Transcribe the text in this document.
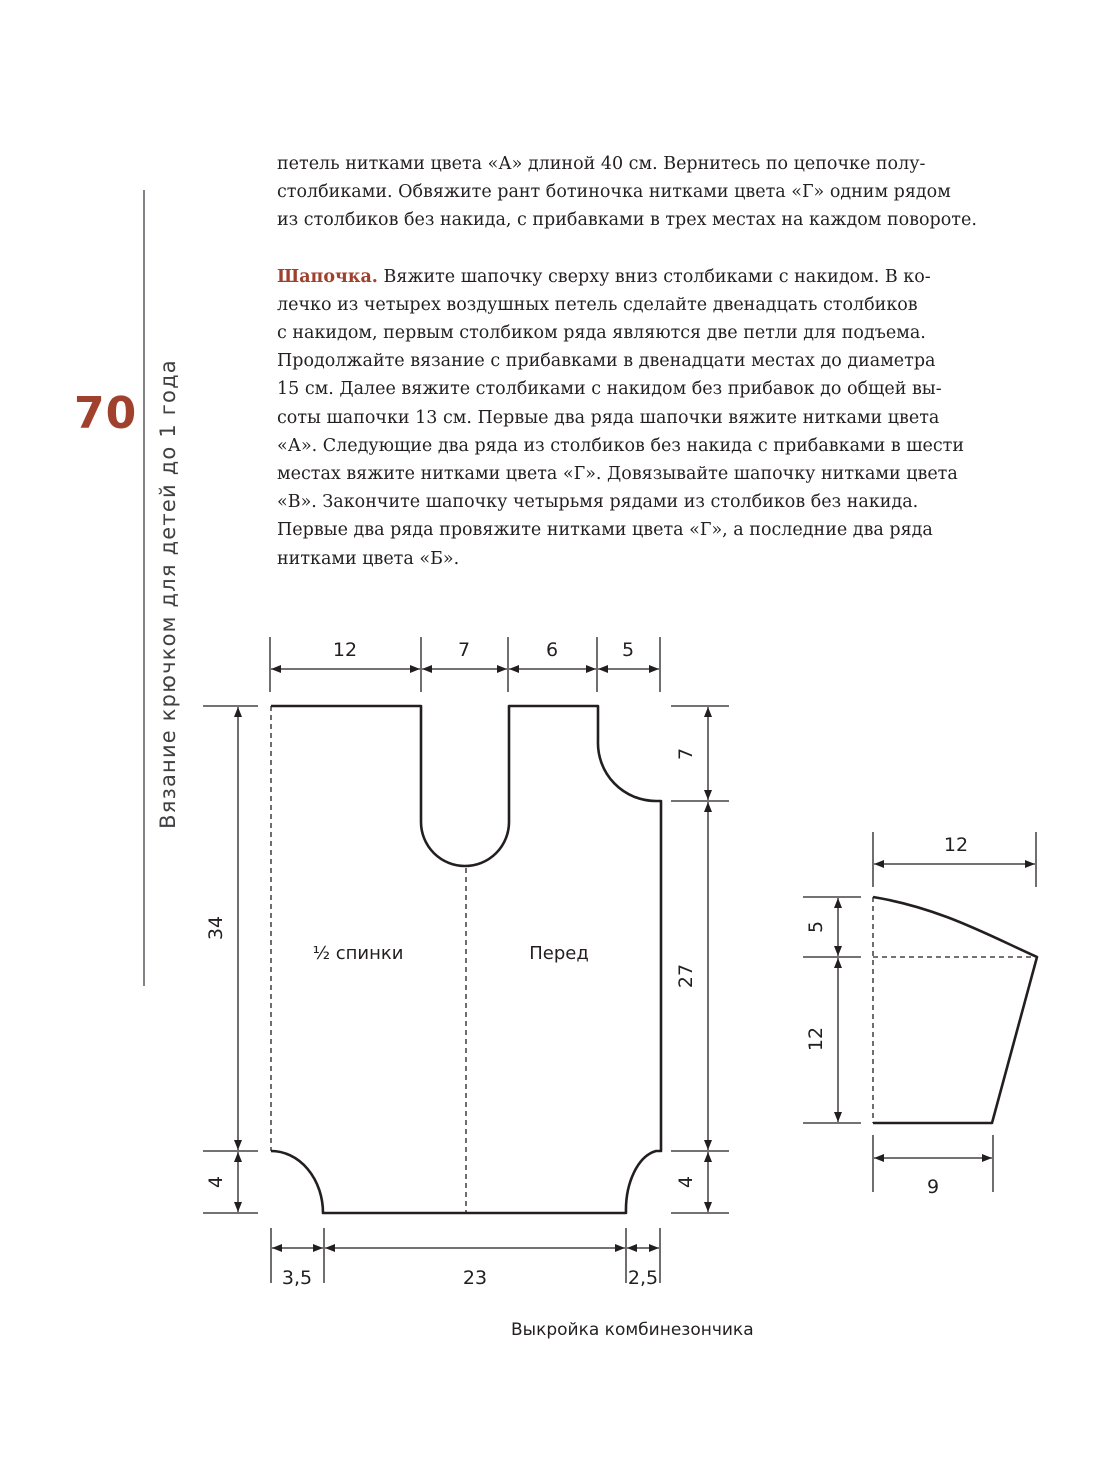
70 Вязание крючком для детей до 1 года

петель нитками цвета «А» длиной 40 см. Вернитесь по цепочке полу-
столбиками. Обвяжите рант ботиночка нитками цвета «Г» одним рядом
из столбиков без накида, с прибавками в трех местах на каждом повороте.

Шапочка. Вяжите шапочку сверху вниз столбиками с накидом. В ко-
лечко из четырех воздушных петель сделайте двенадцать столбиков
с накидом, первым столбиком ряда являются две петли для подъема.
Продолжайте вязание с прибавками в двенадцати местах до диаметра
15 см. Далее вяжите столбиками с накидом без прибавок до общей вы-
соты шапочки 13 см. Первые два ряда шапочки вяжите нитками цвета
«А». Следующие два ряда из столбиков без накида с прибавками в шести
местах вяжите нитками цвета «Г». Довязывайте шапочку нитками цвета
«В». Закончите шапочку четырьмя рядами из столбиков без накида.
Первые два ряда провяжите нитками цвета «Г», а последние два ряда
нитками цвета «Б».

½ спинки	Перед
12	7	6	5
34
4
7
27
4
3,5	23	2,5
12
5
12
9
Выкройка комбинезончика
